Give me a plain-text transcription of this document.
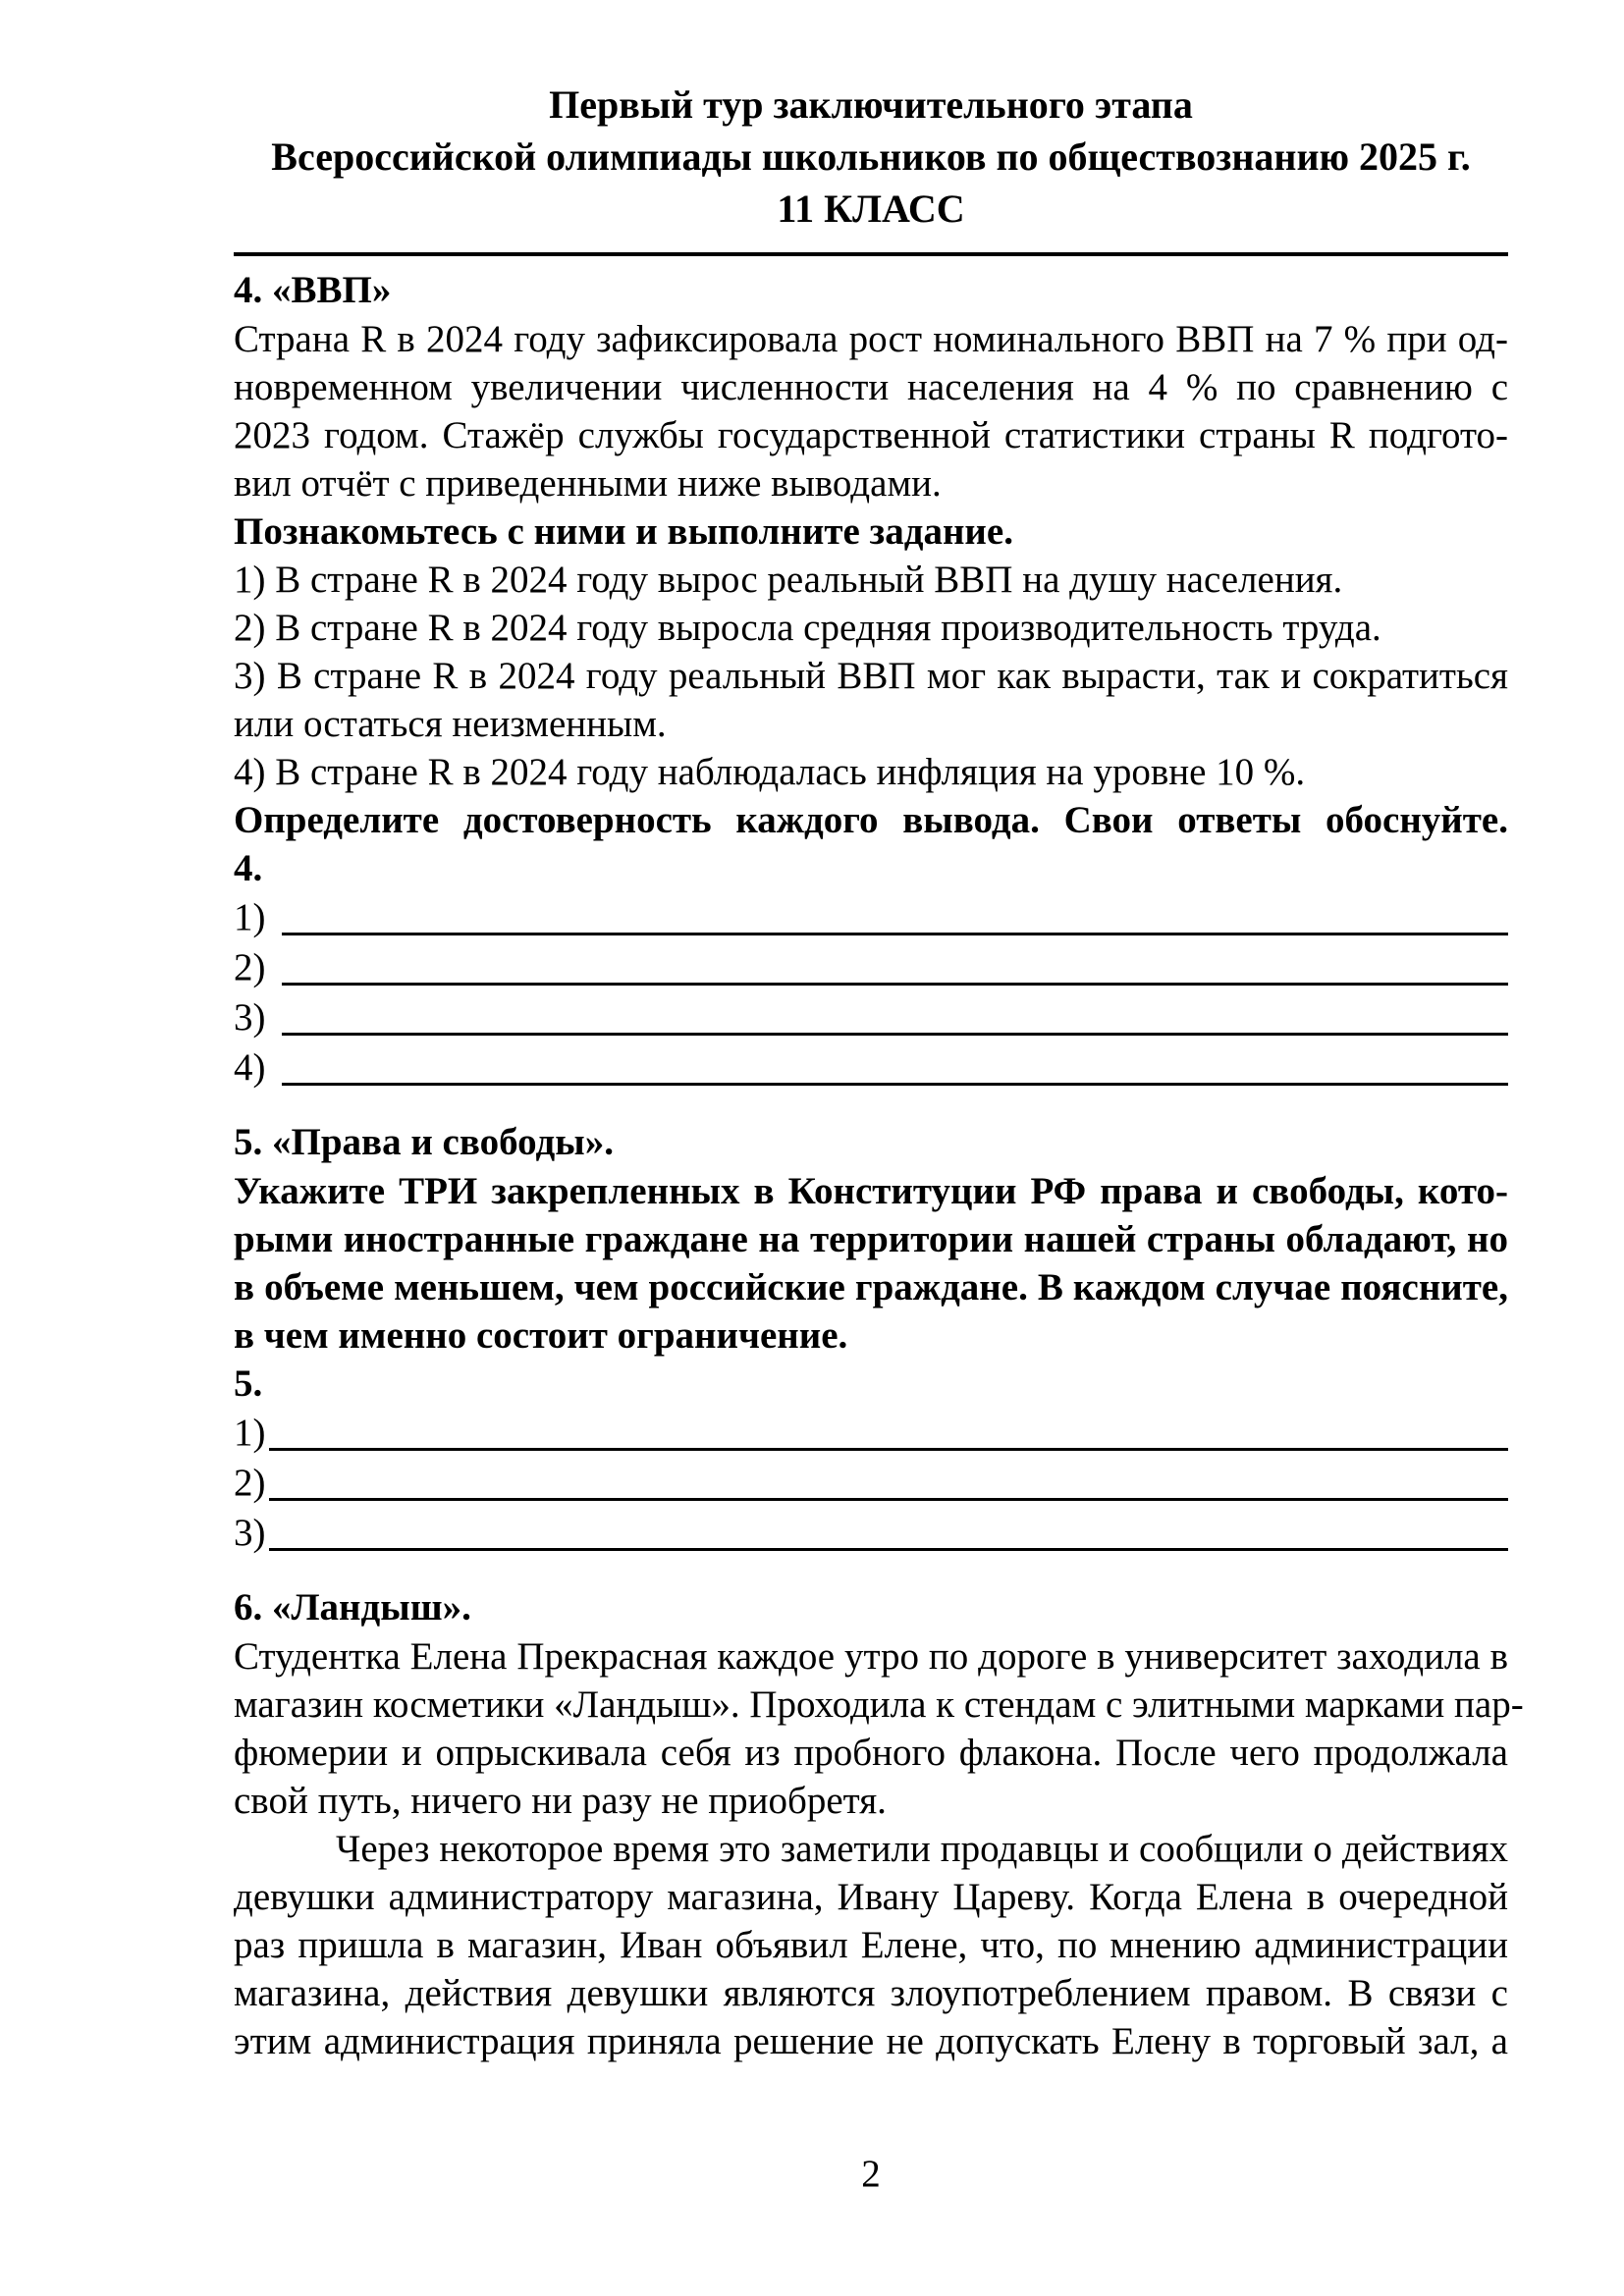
Первый тур заключительного этапа
Всероссийской олимпиады школьников по обществознанию 2025 г.
11 КЛАСС
4. «ВВП»
Страна R в 2024 году зафиксировала рост номинального ВВП на 7 % при од-
новременном увеличении численности населения на 4 % по сравнению с
2023 годом. Стажёр службы государственной статистики страны R подгото-
вил отчёт с приведенными ниже выводами.
Познакомьтесь с ними и выполните задание.
1) В стране R в 2024 году вырос реальный ВВП на душу населения.
2) В стране R в 2024 году выросла средняя производительность труда.
3) В стране R в 2024 году реальный ВВП мог как вырасти, так и сократиться
или остаться неизменным.
4) В стране R в 2024 году наблюдалась инфляция на уровне 10 %.
Определите достоверность каждого вывода. Свои ответы обоснуйте.
4.
1)
2)
3)
4)
5. «Права и свободы».
Укажите ТРИ закрепленных в Конституции РФ права и свободы, кото-
рыми иностранные граждане на территории нашей страны обладают, но
в объеме меньшем, чем российские граждане. В каждом случае поясните,
в чем именно состоит ограничение.
5.
1)
2)
3)
6. «Ландыш».
Студентка Елена Прекрасная каждое утро по дороге в университет заходила в
магазин косметики «Ландыш». Проходила к стендам с элитными марками пар-
фюмерии и опрыскивала себя из пробного флакона. После чего продолжала
свой путь, ничего ни разу не приобретя.
Через некоторое время это заметили продавцы и сообщили о действиях
девушки администратору магазина, Ивану Цареву. Когда Елена в очередной
раз пришла в магазин, Иван объявил Елене, что, по мнению администрации
магазина, действия девушки являются злоупотреблением правом. В связи с
этим администрация приняла решение не допускать Елену в торговый зал, а
2
